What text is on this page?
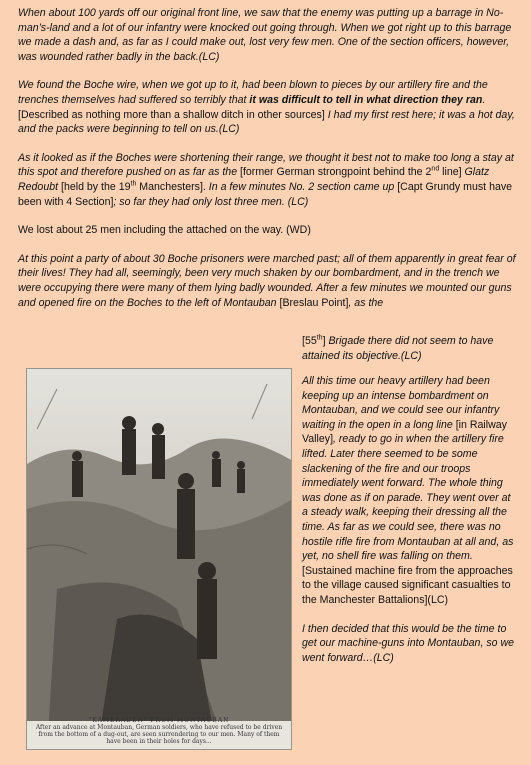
When about 100 yards off our original front line, we saw that the enemy was putting up a barrage in No-man’s-land and a lot of our infantry were knocked out going through. When we got right up to this barrage we made a dash and, as far as I could make out, lost very few men. One of the section officers, however, was wounded rather badly in the back.(LC)

We found the Boche wire, when we got up to it, had been blown to pieces by our artillery fire and the trenches themselves had suffered so terribly that it was difficult to tell in what direction they ran. [Described as nothing more than a shallow ditch in other sources] I had my first rest here; it was a hot day, and the packs were beginning to tell on us.(LC)

As it looked as if the Boches were shortening their range, we thought it best not to make too long a stay at this spot and therefore pushed on as far as the [former German strongpoint behind the 2nd line] Glatz Redoubt [held by the 19th Manchesters]. In a few minutes No. 2 section came up [Capt Grundy must have been with 4 Section]; so far they had only lost three men. (LC)

We lost about 25 men including the attached on the way. (WD)

At this point a party of about 30 Boche prisoners were marched past; all of them apparently in great fear of their lives! They had all, seemingly, been very much shaken by our bombardment, and in the trench we were occupying there were many of them lying badly wounded. After a few minutes we mounted our guns and opened fire on the Boches to the left of Montauban [Breslau Point], as the

[55th] Brigade there did not seem to have attained its objective.(LC)

"KAMERADEN" FROM MONTAUBAN
After an advance at Montauban, German soldiers, who have refused to be driven from the bottom of a dug-out, are seen surrendering to our men. Many of them have been in their holes for days...

All this time our heavy artillery had been keeping up an intense bombardment on Montauban, and we could see our infantry waiting in the open in a long line [in Railway Valley], ready to go in when the artillery fire lifted. Later there seemed to be some slackening of the fire and our troops immediately went forward. The whole thing was done as if on parade. They went over at a steady walk, keeping their dressing all the time. As far as we could see, there was no hostile rifle fire from Montauban at all and, as yet, no shell fire was falling on them. [Sustained machine fire from the approaches to the village caused significant casualties to the Manchester Battalions](LC)

I then decided that this would be the time to get our machine-guns into Montauban, so we went forward…(LC)
